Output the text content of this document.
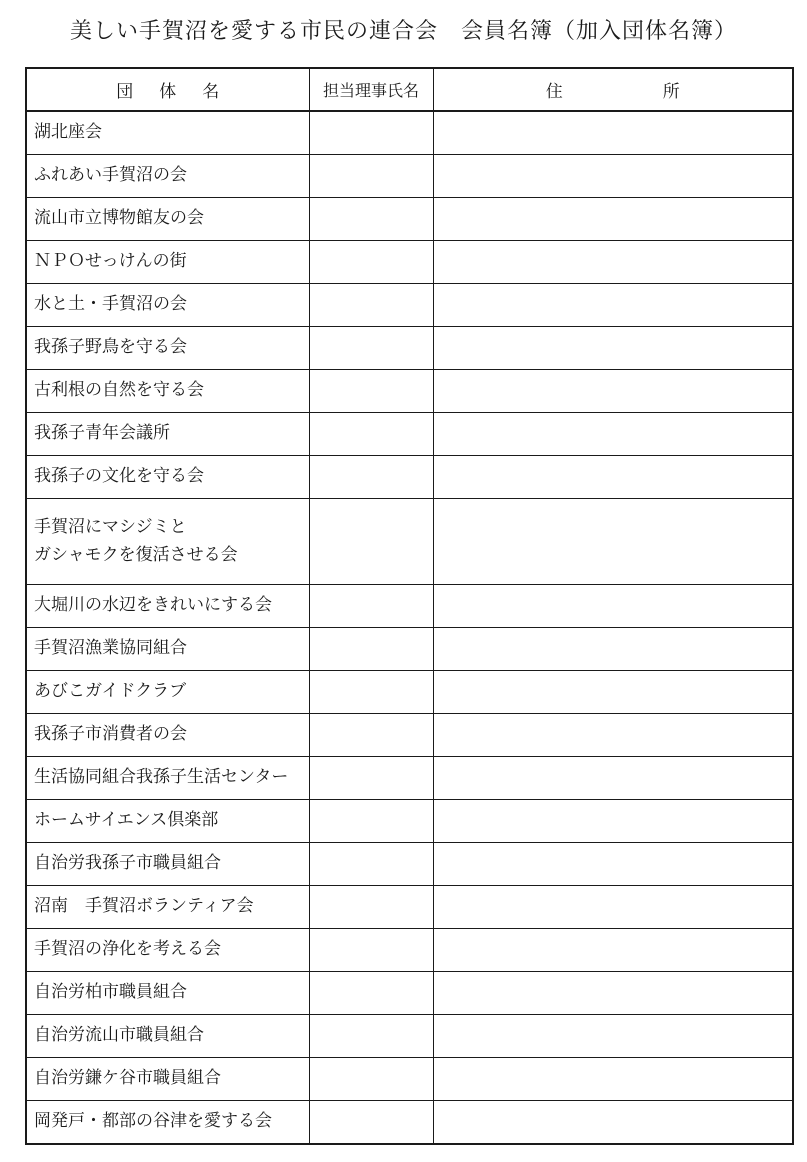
美しい手賀沼を愛する市民の連合会　会員名簿（加入団体名簿）
団体名	担当理事氏名	住所
湖北座会		
ふれあい手賀沼の会		
流山市立博物館友の会		
ＮＰＯせっけんの街		
水と土・手賀沼の会		
我孫子野鳥を守る会		
古利根の自然を守る会		
我孫子青年会議所		
我孫子の文化を守る会		
手賀沼にマシジミと
ガシャモクを復活させる会		
大堀川の水辺をきれいにする会		
手賀沼漁業協同組合		
あびこガイドクラブ		
我孫子市消費者の会		
生活協同組合我孫子生活センター		
ホームサイエンス倶楽部		
自治労我孫子市職員組合		
沼南　手賀沼ボランティア会		
手賀沼の浄化を考える会		
自治労柏市職員組合		
自治労流山市職員組合		
自治労鎌ケ谷市職員組合		
岡発戸・都部の谷津を愛する会		
